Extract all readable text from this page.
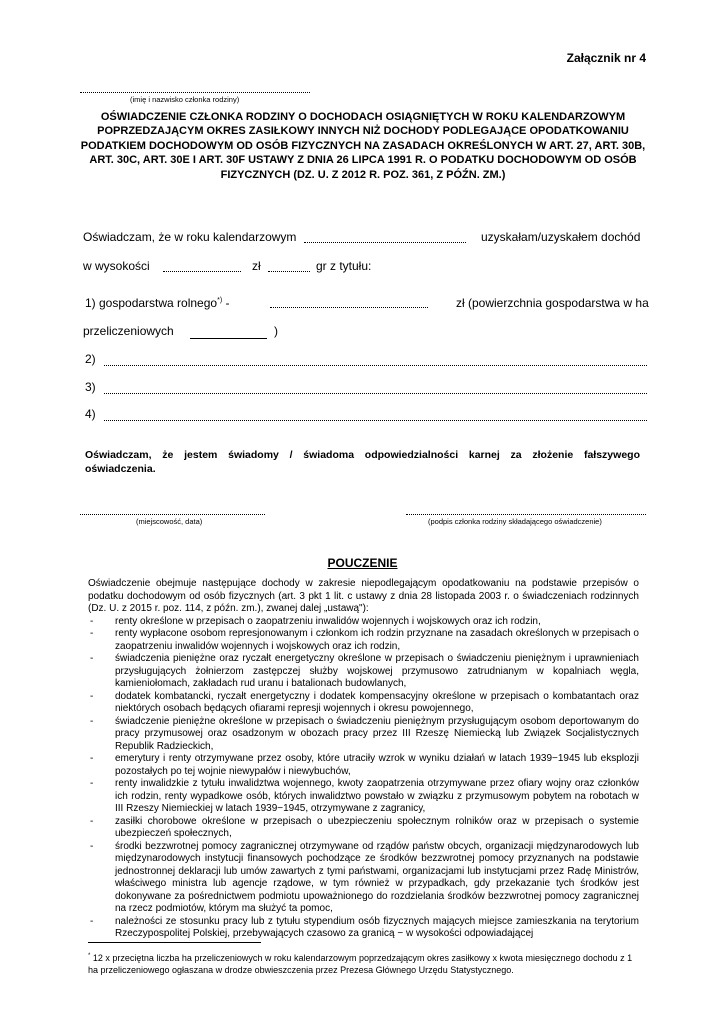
Załącznik nr 4
(imię i nazwisko członka rodziny)
OŚWIADCZENIE CZŁONKA RODZINY O DOCHODACH OSIĄGNIĘTYCH W ROKU KALENDARZOWYM POPRZEDZAJĄCYM OKRES ZASIŁKOWY INNYCH NIŻ DOCHODY PODLEGAJĄCE OPODATKOWANIU PODATKIEM DOCHODOWYM OD OSÓB FIZYCZNYCH NA ZASADACH OKREŚLONYCH W ART. 27, ART. 30B, ART. 30C, ART. 30E I ART. 30F USTAWY Z DNIA 26 LIPCA 1991 R. O PODATKU DOCHODOWYM OD OSÓB FIZYCZNYCH (DZ. U. Z 2012 R. POZ. 361, Z PÓŹN. ZM.)
Oświadczam, że w roku kalendarzowym	uzyskałam/uzyskałem dochód
w wysokości	zł	gr z tytułu:
1) gospodarstwa rolnego*) -	zł (powierzchnia gospodarstwa w ha
przeliczeniowych	)
2)
3)
4)
Oświadczam, że jestem świadomy / świadoma odpowiedzialności karnej za złożenie fałszywego oświadczenia.
(miejscowość, data)	(podpis członka rodziny składającego oświadczenie)
POUCZENIE
Oświadczenie obejmuje następujące dochody w zakresie niepodlegającym opodatkowaniu na podstawie przepisów o podatku dochodowym od osób fizycznych (art. 3 pkt 1 lit. c ustawy z dnia 28 listopada 2003 r. o świadczeniach rodzinnych (Dz. U. z 2015 r. poz. 114, z późn. zm.), zwanej dalej „ustawą"):
- renty określone w przepisach o zaopatrzeniu inwalidów wojennych i wojskowych oraz ich rodzin,
- renty wypłacone osobom represjonowanym i członkom ich rodzin przyznane na zasadach określonych w przepisach o zaopatrzeniu inwalidów wojennych i wojskowych oraz ich rodzin,
- świadczenia pieniężne oraz ryczałt energetyczny określone w przepisach o świadczeniu pieniężnym i uprawnieniach przysługujących żołnierzom zastępczej służby wojskowej przymusowo zatrudnianym w kopalniach węgla, kamieniołomach, zakładach rud uranu i batalionach budowlanych,
- dodatek kombatancki, ryczałt energetyczny i dodatek kompensacyjny określone w przepisach o kombatantach oraz niektórych osobach będących ofiarami represji wojennych i okresu powojennego,
- świadczenie pieniężne określone w przepisach o świadczeniu pieniężnym przysługującym osobom deportowanym do pracy przymusowej oraz osadzonym w obozach pracy przez III Rzeszę Niemiecką lub Związek Socjalistycznych Republik Radzieckich,
- emerytury i renty otrzymywane przez osoby, które utraciły wzrok w wyniku działań w latach 1939−1945 lub eksplozji pozostałych po tej wojnie niewypałów i niewybuchów,
- renty inwalidzkie z tytułu inwalidztwa wojennego, kwoty zaopatrzenia otrzymywane przez ofiary wojny oraz członków ich rodzin, renty wypadkowe osób, których inwalidztwo powstało w związku z przymusowym pobytem na robotach w III Rzeszy Niemieckiej w latach 1939−1945, otrzymywane z zagranicy,
- zasiłki chorobowe określone w przepisach o ubezpieczeniu społecznym rolników oraz w przepisach o systemie ubezpieczeń społecznych,
- środki bezzwrotnej pomocy zagranicznej otrzymywane od rządów państw obcych, organizacji międzynarodowych lub międzynarodowych instytucji finansowych pochodzące ze środków bezzwrotnej pomocy przyznanych na podstawie jednostronnej deklaracji lub umów zawartych z tymi państwami, organizacjami lub instytucjami przez Radę Ministrów, właściwego ministra lub agencje rządowe, w tym również w przypadkach, gdy przekazanie tych środków jest dokonywane za pośrednictwem podmiotu upoważnionego do rozdzielania środków bezzwrotnej pomocy zagranicznej na rzecz podmiotów, którym ma służyć ta pomoc,
- należności ze stosunku pracy lub z tytułu stypendium osób fizycznych mających miejsce zamieszkania na terytorium Rzeczypospolitej Polskiej, przebywających czasowo za granicą − w wysokości odpowiadającej
* 12 x przeciętna liczba ha przeliczeniowych w roku kalendarzowym poprzedzającym okres zasiłkowy x kwota miesięcznego dochodu z 1 ha przeliczeniowego ogłaszana w drodze obwieszczenia przez Prezesa Głównego Urzędu Statystycznego.
